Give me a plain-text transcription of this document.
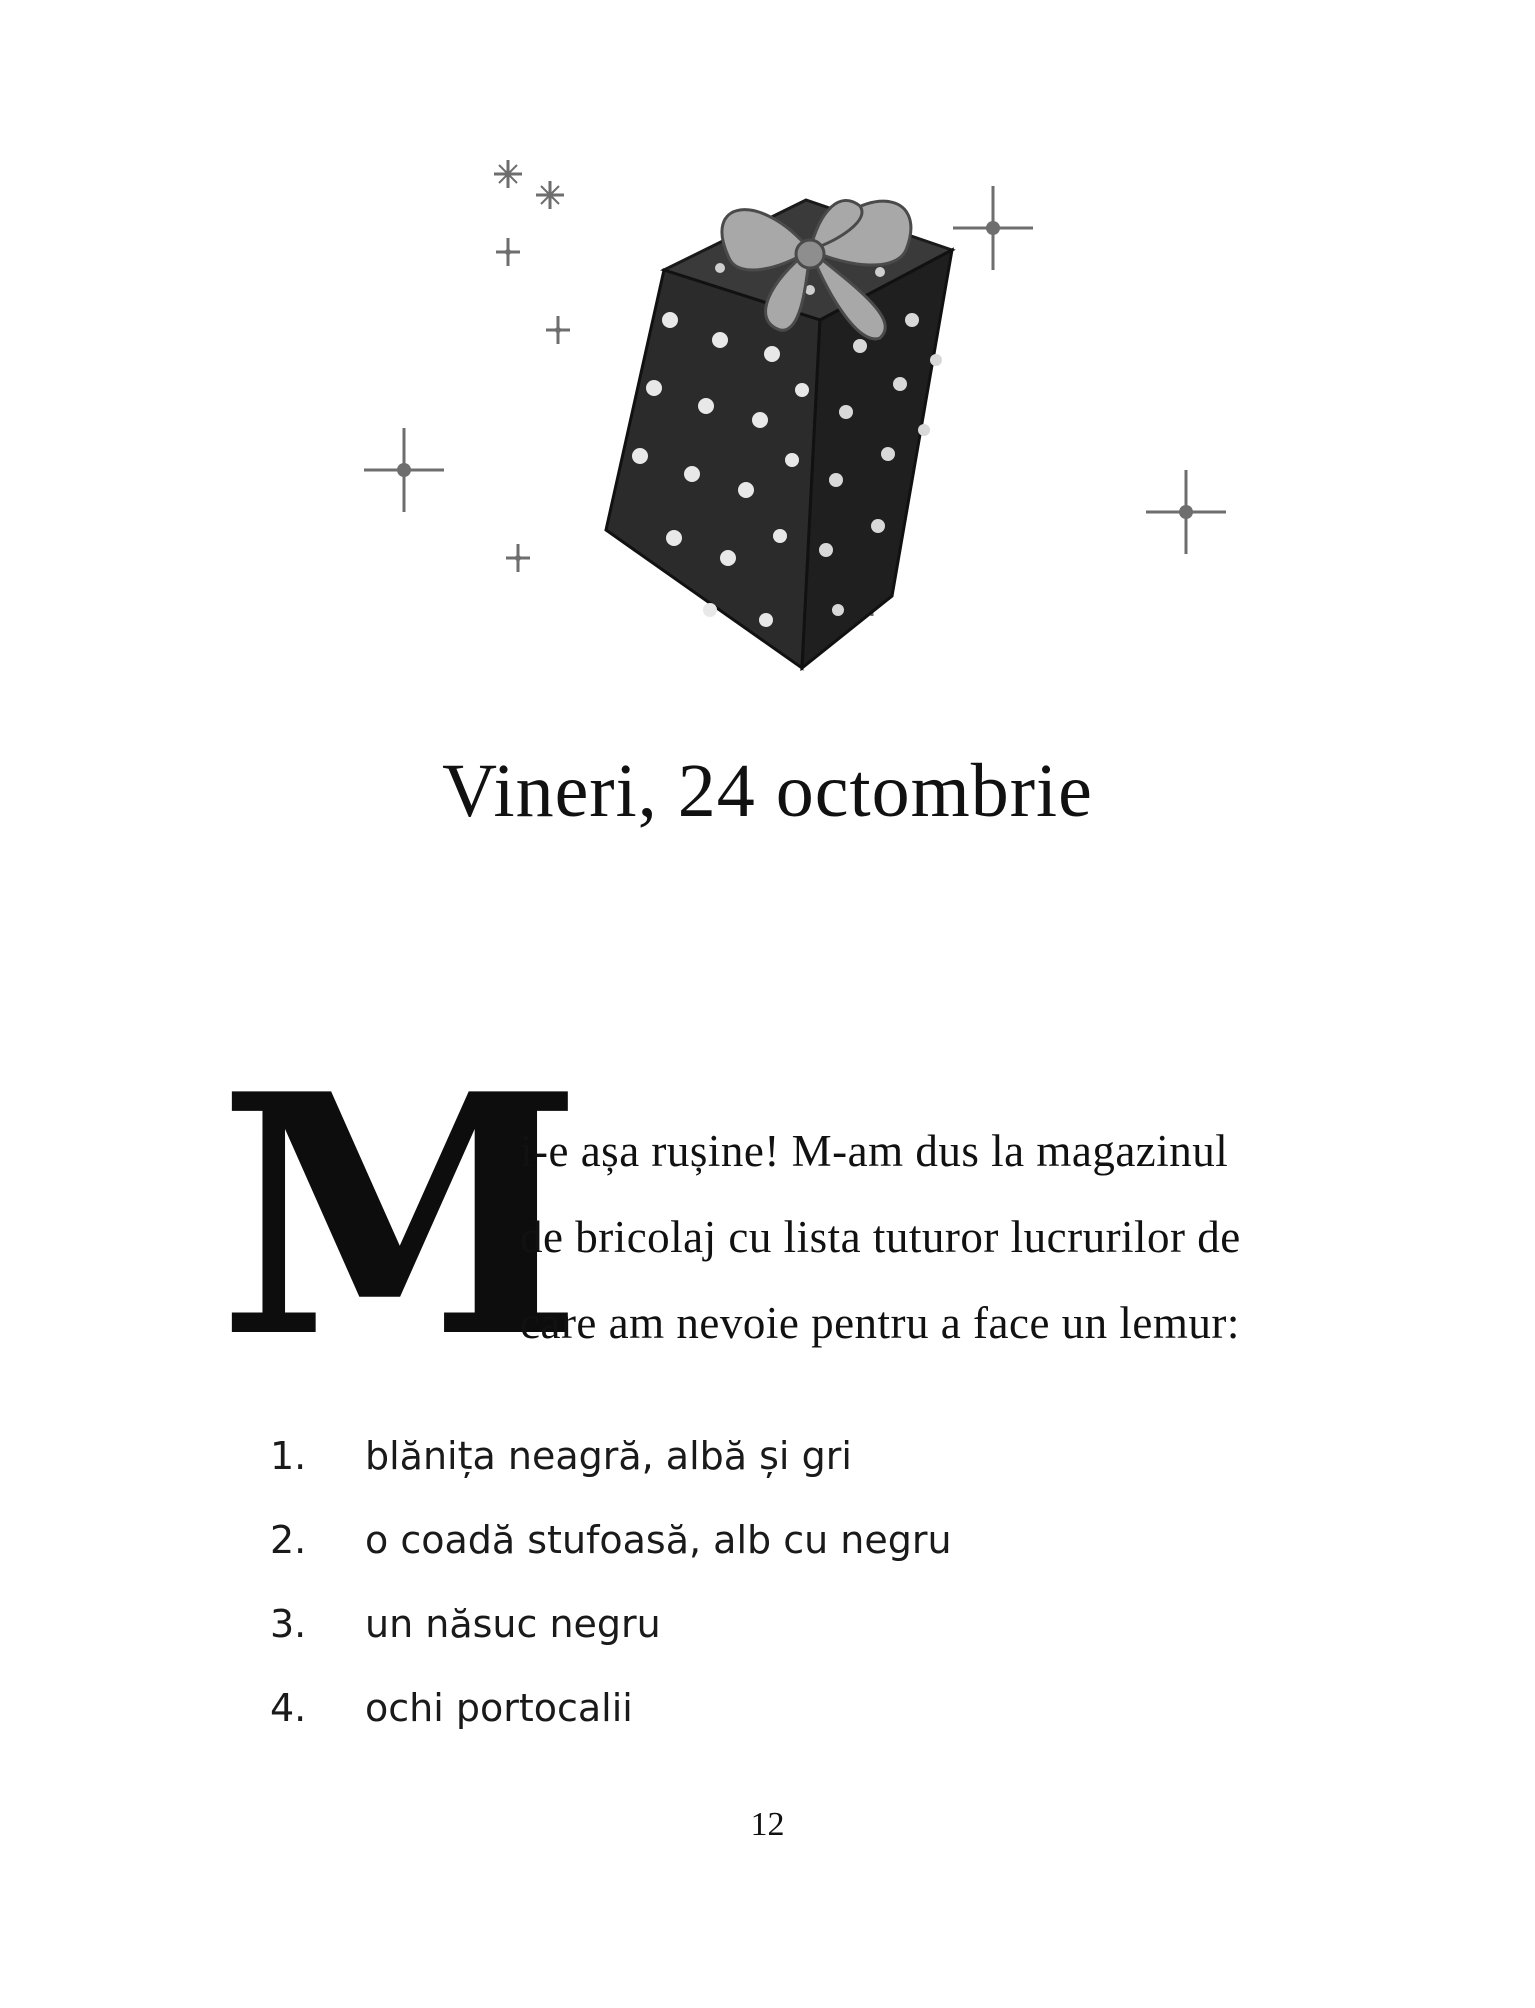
Vineri, 24 octombrie
M
i-e așa rușine! M-am dus la magazinul
de bricolaj cu lista tuturor lucrurilor de
care am nevoie pentru a face un lemur:
1.	blănița neagră, albă și gri
2.	o coadă stufoasă, alb cu negru
3.	un năsuc negru
4.	ochi portocalii
12
